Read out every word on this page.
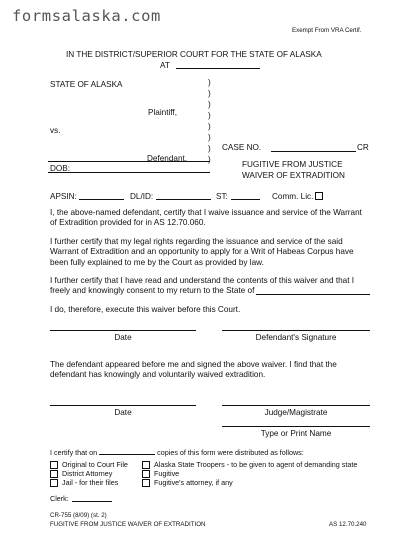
formsalaska.com
Exempt From VRA Certif.
IN THE DISTRICT/SUPERIOR COURT FOR THE STATE OF ALASKA
AT
STATE OF ALASKA
Plaintiff,
vs.
Defendant.
DOB:
)
)
)
)
)
)
)
)
CASE NO.	CR
FUGITIVE FROM JUSTICE
WAIVER OF EXTRADITION
APSIN:	DL/ID:	ST:	Comm. Lic.
I, the above-named defendant, certify that I waive issuance and service of the Warrant
of Extradition provided for in AS 12.70.060.
I further certify that my legal rights regarding the issuance and service of the said
Warrant of Extradition and an opportunity to apply for a Writ of Habeas Corpus have
been fully explained to me by the Court as provided by law.
I further certify that I have read and understand the contents of this waiver and that I
freely and knowingly consent to my return to the State of
I do, therefore, execute this waiver before this Court.
Date	Defendant's Signature
The defendant appeared before me and signed the above waiver. I find that the
defendant has knowingly and voluntarily waived extradition.
Date	Judge/Magistrate
Type or Print Name
I certify that on	copies of this form were distributed as follows:
Original to Court File
District Attorney
Jail - for their files
Alaska State Troopers - to be given to agent of demanding state
Fugitive
Fugitive's attorney, if any
Clerk:
CR-755 (8/09) (st. 2)
FUGITIVE FROM JUSTICE WAIVER OF EXTRADITION	AS 12.70.240
